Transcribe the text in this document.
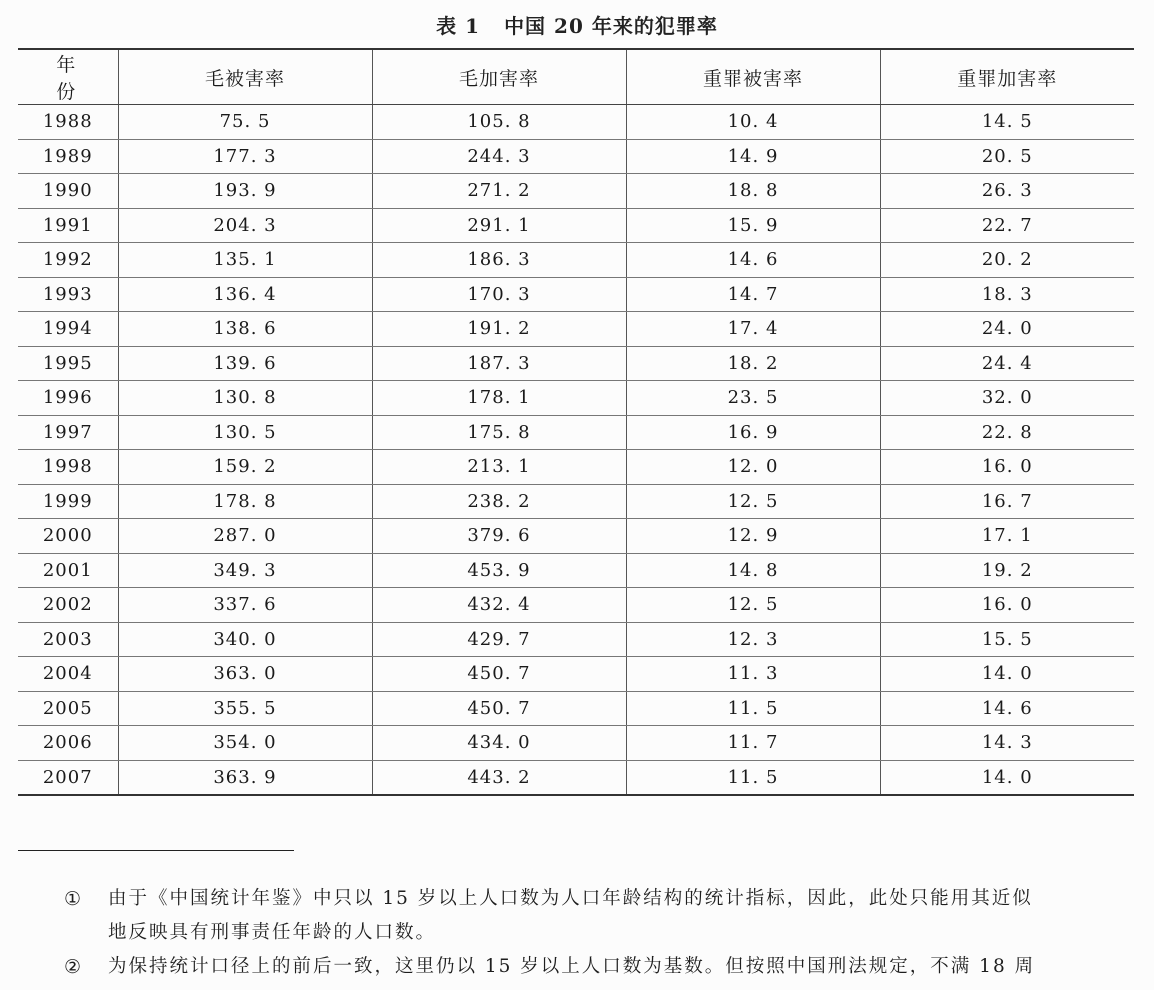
表 1 中国 20 年来的犯罪率
年　份	毛被害率	毛加害率	重罪被害率	重罪加害率
1988	75. 5	105. 8	10. 4	14. 5
1989	177. 3	244. 3	14. 9	20. 5
1990	193. 9	271. 2	18. 8	26. 3
1991	204. 3	291. 1	15. 9	22. 7
1992	135. 1	186. 3	14. 6	20. 2
1993	136. 4	170. 3	14. 7	18. 3
1994	138. 6	191. 2	17. 4	24. 0
1995	139. 6	187. 3	18. 2	24. 4
1996	130. 8	178. 1	23. 5	32. 0
1997	130. 5	175. 8	16. 9	22. 8
1998	159. 2	213. 1	12. 0	16. 0
1999	178. 8	238. 2	12. 5	16. 7
2000	287. 0	379. 6	12. 9	17. 1
2001	349. 3	453. 9	14. 8	19. 2
2002	337. 6	432. 4	12. 5	16. 0
2003	340. 0	429. 7	12. 3	15. 5
2004	363. 0	450. 7	11. 3	14. 0
2005	355. 5	450. 7	11. 5	14. 6
2006	354. 0	434. 0	11. 7	14. 3
2007	363. 9	443. 2	11. 5	14. 0
① 由于《中国统计年鉴》中只以 15 岁以上人口数为人口年龄结构的统计指标，因此，此处只能用其近似
地反映具有刑事责任年龄的人口数。
② 为保持统计口径上的前后一致，这里仍以 15 岁以上人口数为基数。但按照中国刑法规定，不满 18 周
